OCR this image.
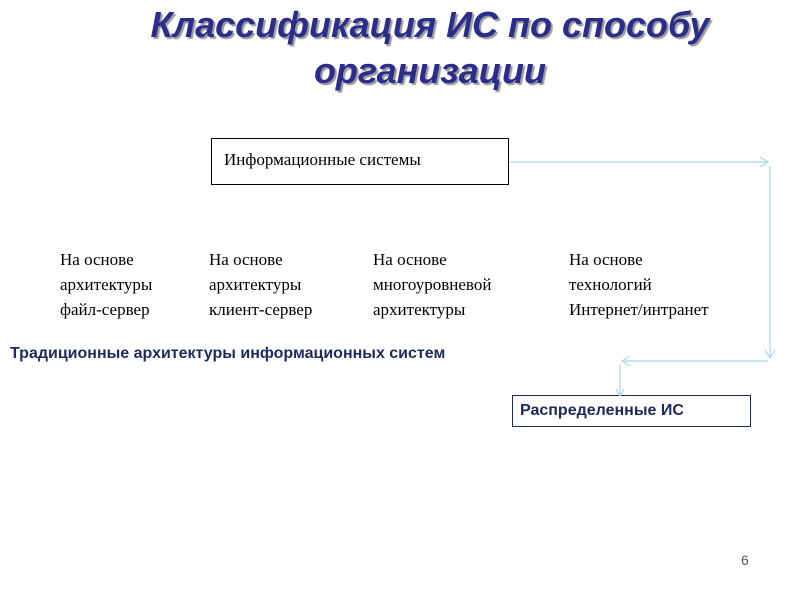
Классификация ИС по способу
организации
Информационные системы
На основе
архитектуры
файл-сервер
На основе
архитектуры
клиент-сервер
На основе
многоуровневой
архитектуры
На основе
технологий
Интернет/интранет
Традиционные архитектуры информационных систем
Распределенные ИС
6
